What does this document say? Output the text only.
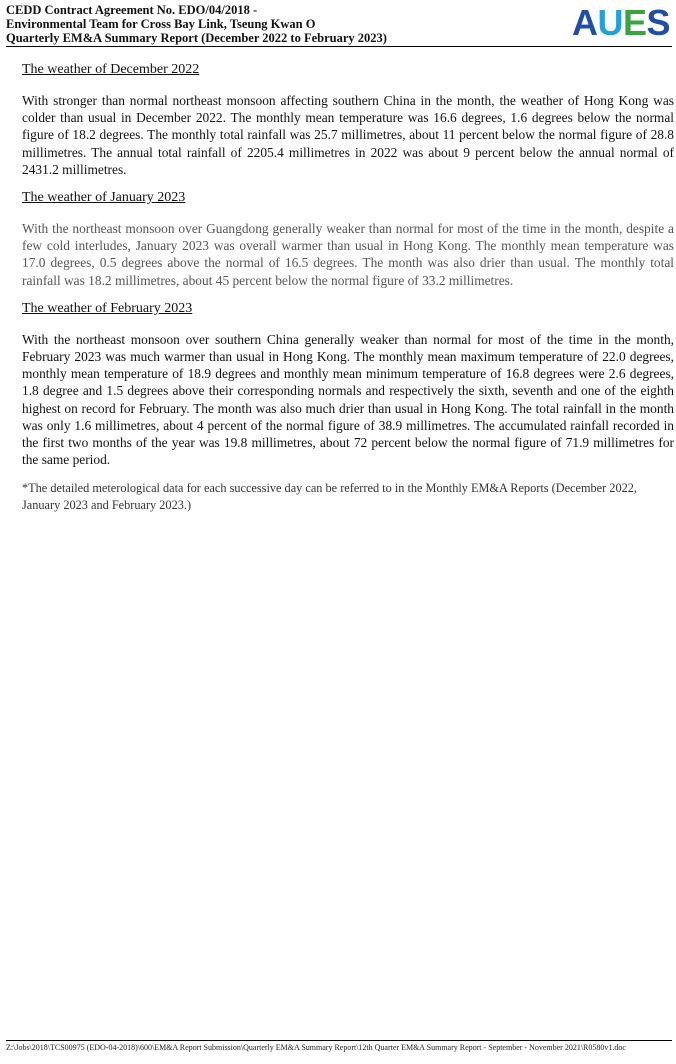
CEDD Contract Agreement No. EDO/04/2018 -
Environmental Team for Cross Bay Link, Tseung Kwan O
Quarterly EM&A Summary Report (December 2022 to February 2023)	AUES
The weather of December 2022

With stronger than normal northeast monsoon affecting southern China in the month, the weather of Hong Kong was colder than usual in December 2022. The monthly mean temperature was 16.6 degrees, 1.6 degrees below the normal figure of 18.2 degrees. The monthly total rainfall was 25.7 millimetres, about 11 percent below the normal figure of 28.8 millimetres. The annual total rainfall of 2205.4 millimetres in 2022 was about 9 percent below the annual normal of 2431.2 millimetres.

The weather of January 2023

With the northeast monsoon over Guangdong generally weaker than normal for most of the time in the month, despite a few cold interludes, January 2023 was overall warmer than usual in Hong Kong. The monthly mean temperature was 17.0 degrees, 0.5 degrees above the normal of 16.5 degrees. The month was also drier than usual. The monthly total rainfall was 18.2 millimetres, about 45 percent below the normal figure of 33.2 millimetres.

The weather of February 2023

With the northeast monsoon over southern China generally weaker than normal for most of the time in the month, February 2023 was much warmer than usual in Hong Kong. The monthly mean maximum temperature of 22.0 degrees, monthly mean temperature of 18.9 degrees and monthly mean minimum temperature of 16.8 degrees were 2.6 degrees, 1.8 degree and 1.5 degrees above their corresponding normals and respectively the sixth, seventh and one of the eighth highest on record for February. The month was also much drier than usual in Hong Kong. The total rainfall in the month was only 1.6 millimetres, about 4 percent of the normal figure of 38.9 millimetres. The accumulated rainfall recorded in the first two months of the year was 19.8 millimetres, about 72 percent below the normal figure of 71.9 millimetres for the same period.

*The detailed meterological data for each successive day can be referred to in the Monthly EM&A Reports (December 2022, January 2023 and February 2023.)

Z:\Jobs\2018\TCS00975 (EDO-04-2018)\600\EM&A Report Submission\Quarterly EM&A Summary Report\12th Quarter EM&A Summary Report - September - November 2021\R0580v1.doc
